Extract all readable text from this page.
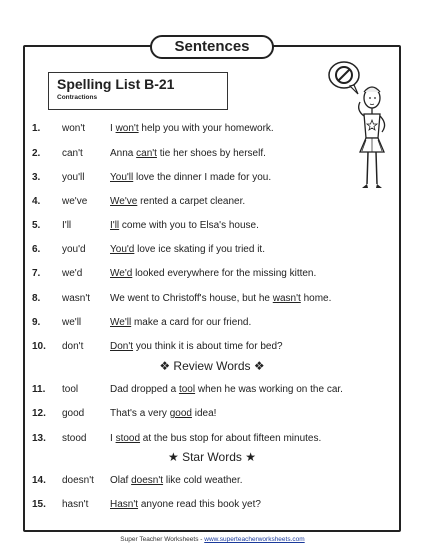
Sentences
Spelling List B-21
Contractions
1.	won't	I won't help you with your homework.
2.	can't	Anna can't tie her shoes by herself.
3.	you'll	You'll love the dinner I made for you.
4.	we've	We've rented a carpet cleaner.
5.	I'll	I'll come with you to Elsa's house.
6.	you'd	You'd love ice skating if you tried it.
7.	we'd	We'd looked everywhere for the missing kitten.
8.	wasn't	We went to Christoff's house, but he wasn't home.
9.	we'll	We'll make a card for our friend.
10.	don't	Don't you think it is about time for bed?
11.	tool	Dad dropped a tool when he was working on the car.
12.	good	That's a very good idea!
13.	stood	I stood at the bus stop for about fifteen minutes.
14.	doesn't	Olaf doesn't like cold weather.
15.	hasn't	Hasn't anyone read this book yet?
❖ Review Words ❖
★ Star Words ★
Super Teacher Worksheets - www.superteacherworksheets.com
